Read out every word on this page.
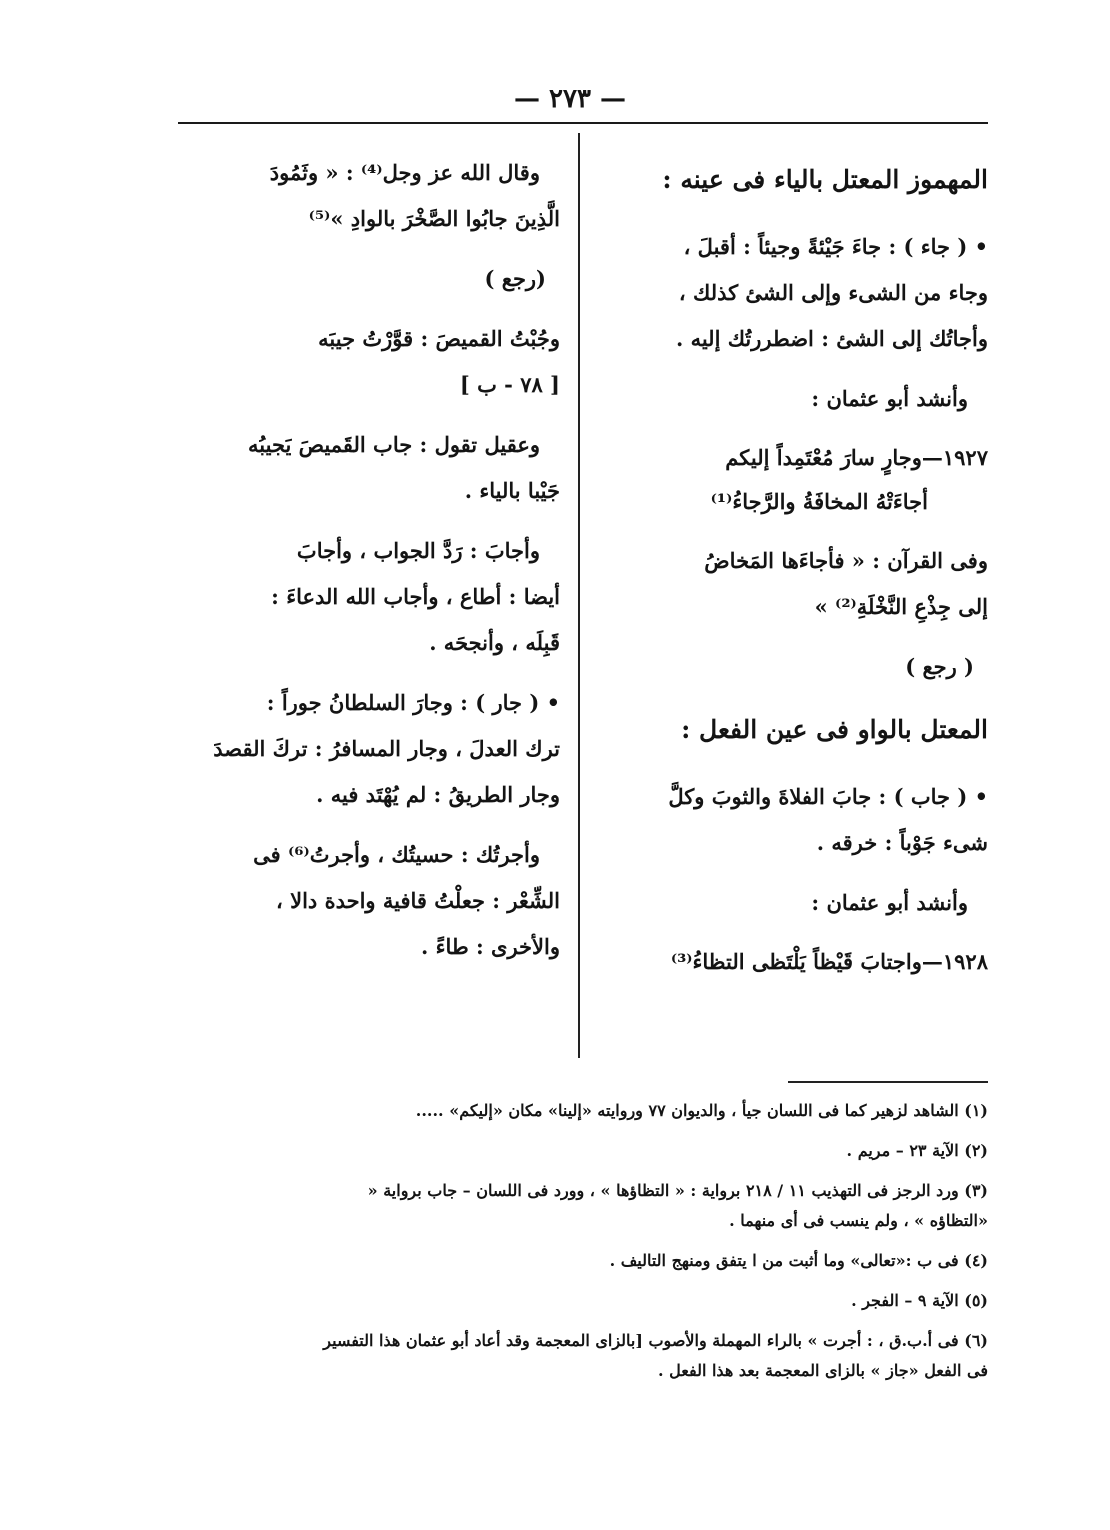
— ٢٧٣ —
المهموز المعتل بالياء فى عينه :
• ( جاء ) : جاءَ جَيْئةً وجيئاً : أقبلَ ،
وجاء من الشىء وإلى الشئ كذلك ،
وأجاتُك إلى الشئ : اضطررتُك إليه .
وأنشد أبو عثمان :
١٩٢٧—وجارٍ سارَ مُعْتَمِداً إليكم
أجاءَتْهُ المخافَةُ والرَّجاءُ⁽¹⁾
وفى القرآن : « فأجاءَها المَخاضُ
إلى جِذْعِ النَّخْلَةِ⁽²⁾ »
( رجع )
المعتل بالواو فى عين الفعل :
• ( جاب ) : جابَ الفلاةَ والثوبَ وكلَّ
شىء جَوْباً : خرقه .
وأنشد أبو عثمان :
١٩٢٨—واجتابَ قَيْظاً يَلْتَظى التظاءُ⁽³⁾
وقال الله عز وجل⁽⁴⁾ : « وثَمُودَ
الَّذِينَ جابُوا الصَّخْرَ بالوادِ »⁽⁵⁾
(رجع )
وجُبْتُ القميصَ : قوَّرْتُ جيبَه
[ ٧٨ - ب ]
وعقيل تقول : جاب القَميصَ يَجيبُه
جَيْبا بالياء .
وأجابَ : رَدَّ الجواب ، وأجابَ
أيضا : أطاع ، وأجاب الله الدعاءَ :
قَبِلَه ، وأنجحَه .
• ( جار ) : وجارَ السلطانُ جوراً :
ترك العدلَ ، وجار المسافرُ : تركَ القصدَ
وجار الطريقُ : لم يُهْتَد فيه .
وأجرتُك : حسيتُك ، وأجرتُ⁽⁶⁾ فى
الشِّعْر : جعلْتُ قافية واحدة دالا ،
والأخرى : طاءً .
(١) الشاهد لزهير كما فى اللسان جيأ ، والديوان ٧٧ وروايته «إلينا» مكان «إليكم» .....
(٢) الآية ٢٣ – مريم .
(٣) ورد الرجز فى التهذيب ١١ / ٢١٨ برواية : « التظاؤها » ، وورد فى اللسان – جاب برواية «
«التظاؤه » ، ولم ينسب فى أى منهما .
(٤) فى ب :«تعالى» وما أثبت من ا يتفق ومنهج التاليف .
(٥) الآية ٩ – الفجر .
(٦) فى أ.ب.ق ، : أجرت » بالراء المهملة والأصوب [بالزاى المعجمة وقد أعاد أبو عثمان هذا التفسير
فى الفعل «جاز » بالزاى المعجمة بعد هذا الفعل .
